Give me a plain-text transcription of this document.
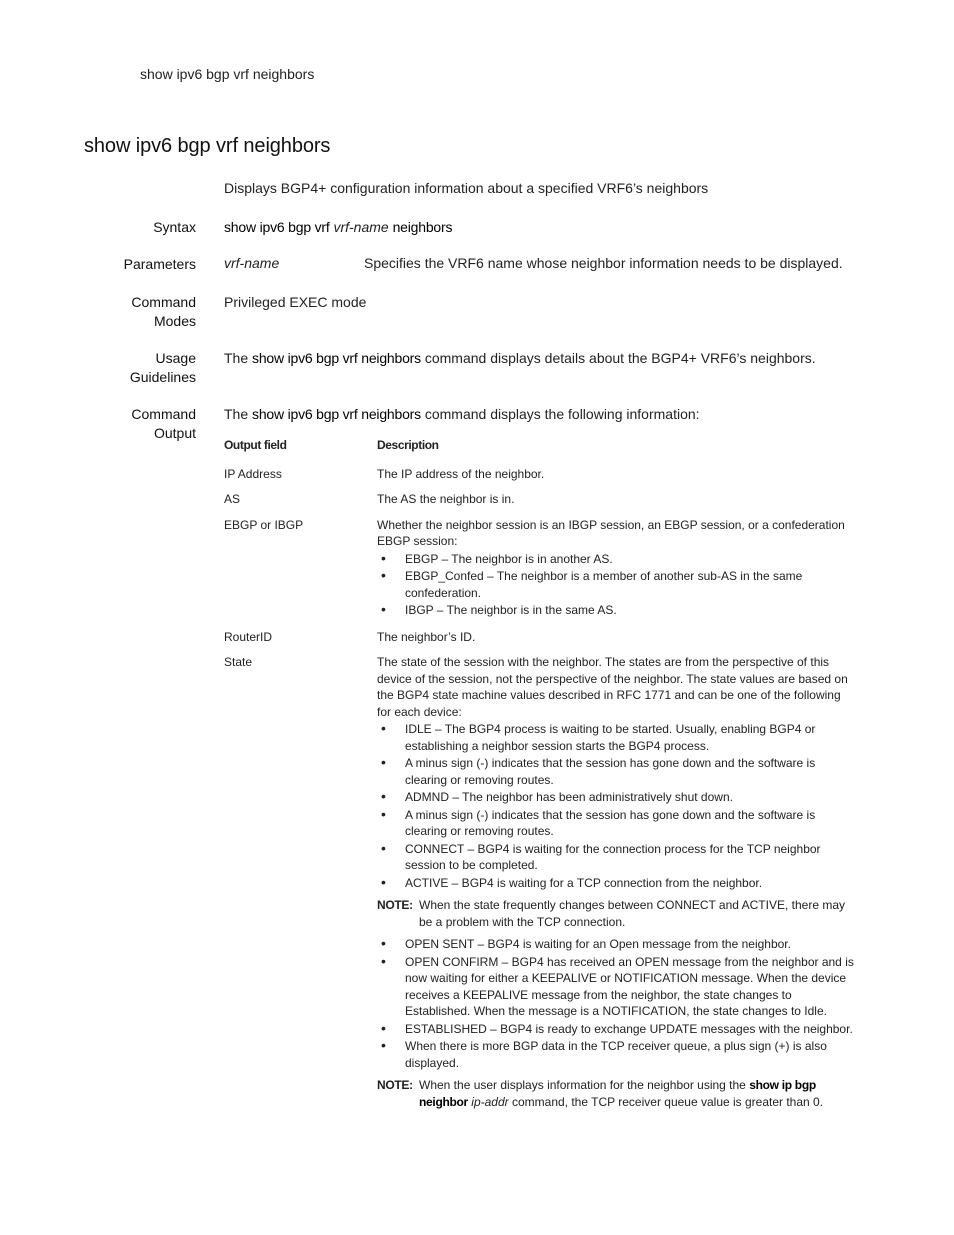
show ipv6 bgp vrf neighbors
show ipv6 bgp vrf neighbors
Displays BGP4+ configuration information about a specified VRF6’s neighbors
Syntax show ipv6 bgp vrf vrf-name neighbors
Parameters vrf-name	Specifies the VRF6 name whose neighbor information needs to be displayed.
Command
Modes
Privileged EXEC mode
Usage
Guidelines
The show ipv6 bgp vrf neighbors command displays details about the BGP4+ VRF6’s neighbors.
Command
Output
The show ipv6 bgp vrf neighbors command displays the following information:
Output field	Description
IP Address	The IP address of the neighbor.
AS	The AS the neighbor is in.
EBGP or IBGP	Whether the neighbor session is an IBGP session, an EBGP session, or a confederation EBGP session:
• EBGP – The neighbor is in another AS.
• EBGP_Confed – The neighbor is a member of another sub-AS in the same confederation.
• IBGP – The neighbor is in the same AS.
RouterID	The neighbor’s ID.
State	The state of the session with the neighbor. The states are from the perspective of this device of the session, not the perspective of the neighbor. The state values are based on the BGP4 state machine values described in RFC 1771 and can be one of the following for each device:
• IDLE – The BGP4 process is waiting to be started. Usually, enabling BGP4 or establishing a neighbor session starts the BGP4 process.
• A minus sign (-) indicates that the session has gone down and the software is clearing or removing routes.
• ADMND – The neighbor has been administratively shut down.
• A minus sign (-) indicates that the session has gone down and the software is clearing or removing routes.
• CONNECT – BGP4 is waiting for the connection process for the TCP neighbor session to be completed.
• ACTIVE – BGP4 is waiting for a TCP connection from the neighbor.
NOTE: When the state frequently changes between CONNECT and ACTIVE, there may be a problem with the TCP connection.
• OPEN SENT – BGP4 is waiting for an Open message from the neighbor.
• OPEN CONFIRM – BGP4 has received an OPEN message from the neighbor and is now waiting for either a KEEPALIVE or NOTIFICATION message. When the device receives a KEEPALIVE message from the neighbor, the state changes to Established. When the message is a NOTIFICATION, the state changes to Idle.
• ESTABLISHED – BGP4 is ready to exchange UPDATE messages with the neighbor.
• When there is more BGP data in the TCP receiver queue, a plus sign (+) is also displayed.
NOTE: When the user displays information for the neighbor using the show ip bgp neighbor ip-addr command, the TCP receiver queue value is greater than 0.
